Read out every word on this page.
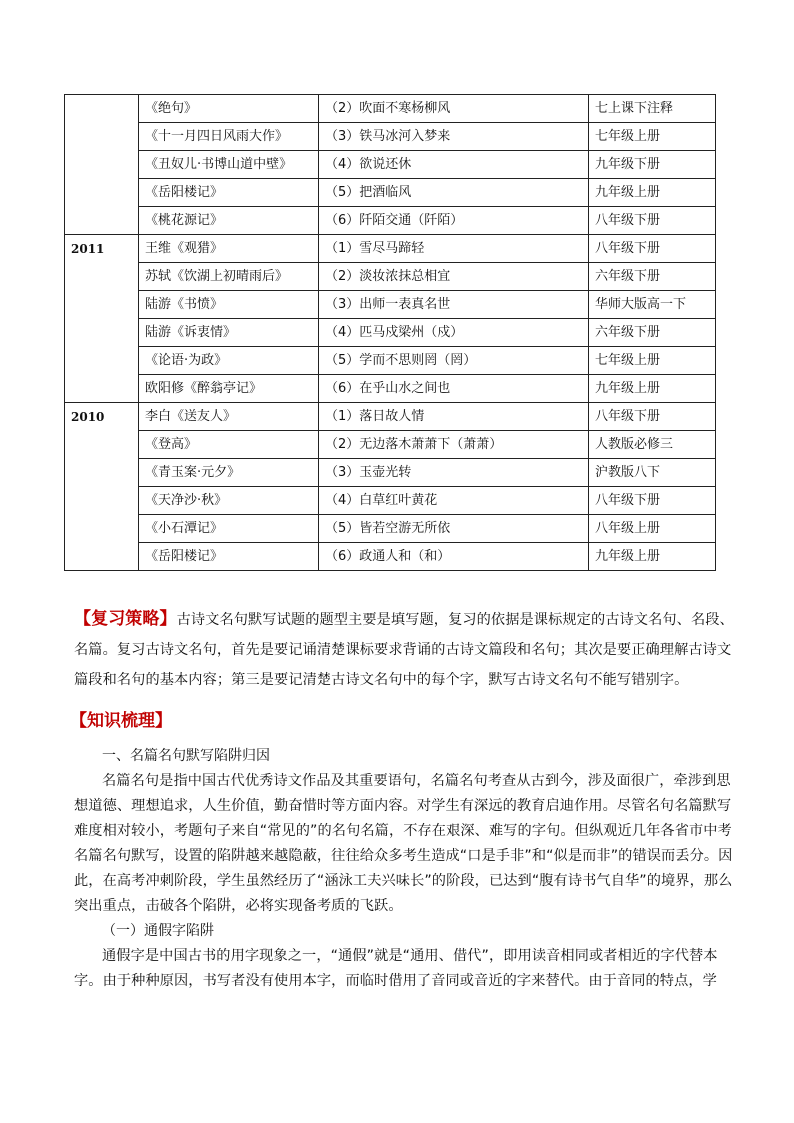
	《绝句》	（2）吹面不寒杨柳风	七上课下注释
	《十一月四日风雨大作》	（3）铁马冰河入梦来	七年级上册
	《丑奴儿·书博山道中壁》	（4）欲说还休	九年级下册
	《岳阳楼记》	（5）把酒临风	九年级上册
	《桃花源记》	（6）阡陌交通（阡陌）	八年级下册
2011	王维《观猎》	（1）雪尽马蹄轻	八年级下册
	苏轼《饮湖上初晴雨后》	（2）淡妆浓抹总相宜	六年级下册
	陆游《书愤》	（3）出师一表真名世	华师大版高一下
	陆游《诉衷情》	（4）匹马戍梁州（戍）	六年级下册
	《论语·为政》	（5）学而不思则罔（罔）	七年级上册
	欧阳修《醉翁亭记》	（6）在乎山水之间也	九年级上册
2010	李白《送友人》	（1）落日故人情	八年级下册
	《登高》	（2）无边落木萧萧下（萧萧）	人教版必修三
	《青玉案·元夕》	（3）玉壶光转	沪教版八下
	《天净沙·秋》	（4）白草红叶黄花	八年级下册
	《小石潭记》	（5）皆若空游无所依	八年级上册
	《岳阳楼记》	（6）政通人和（和）	九年级上册
【复习策略】古诗文名句默写试题的题型主要是填写题，复习的依据是课标规定的古诗文名句、名段、名篇。复习古诗文名句，首先是要记诵清楚课标要求背诵的古诗文篇段和名句；其次是要正确理解古诗文篇段和名句的基本内容；第三是要记清楚古诗文名句中的每个字，默写古诗文名句不能写错别字。
【知识梳理】

一、名篇名句默写陷阱归因

名篇名句是指中国古代优秀诗文作品及其重要语句，名篇名句考查从古到今，涉及面很广，牵涉到思想道德、理想追求，人生价值，勤奋惜时等方面内容。对学生有深远的教育启迪作用。尽管名句名篇默写难度相对较小，考题句子来自“常见的”的名句名篇，不存在艰深、难写的字句。但纵观近几年各省市中考名篇名句默写，设置的陷阱越来越隐蔽，往往给众多考生造成“口是手非”和“似是而非”的错误而丢分。因此，在高考冲刺阶段，学生虽然经历了“涵泳工夫兴味长”的阶段，已达到“腹有诗书气自华”的境界，那么突出重点，击破各个陷阱，必将实现备考质的飞跃。

（一）通假字陷阱

通假字是中国古书的用字现象之一，“通假”就是“通用、借代”，即用读音相同或者相近的字代替本字。由于种种原因，书写者没有使用本字，而临时借用了音同或音近的字来替代。由于音同的特点，学
